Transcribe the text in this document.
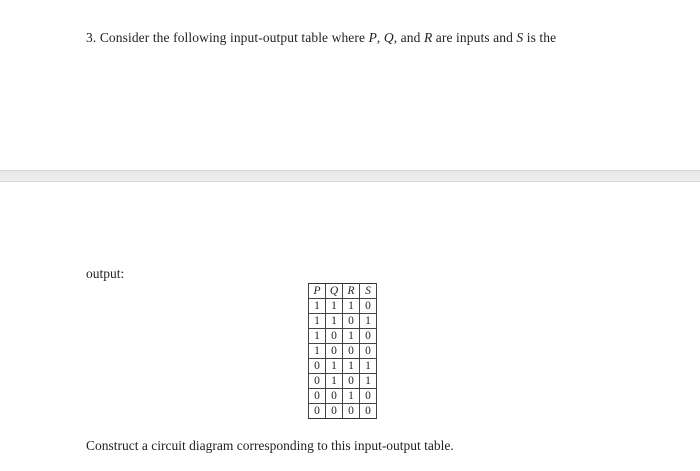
3. Consider the following input-output table where P, Q, and R are inputs and S is the
output:
P	Q	R	S
1	1	1	0
1	1	0	1
1	0	1	0
1	0	0	0
0	1	1	1
0	1	0	1
0	0	1	0
0	0	0	0
Construct a circuit diagram corresponding to this input-output table.
